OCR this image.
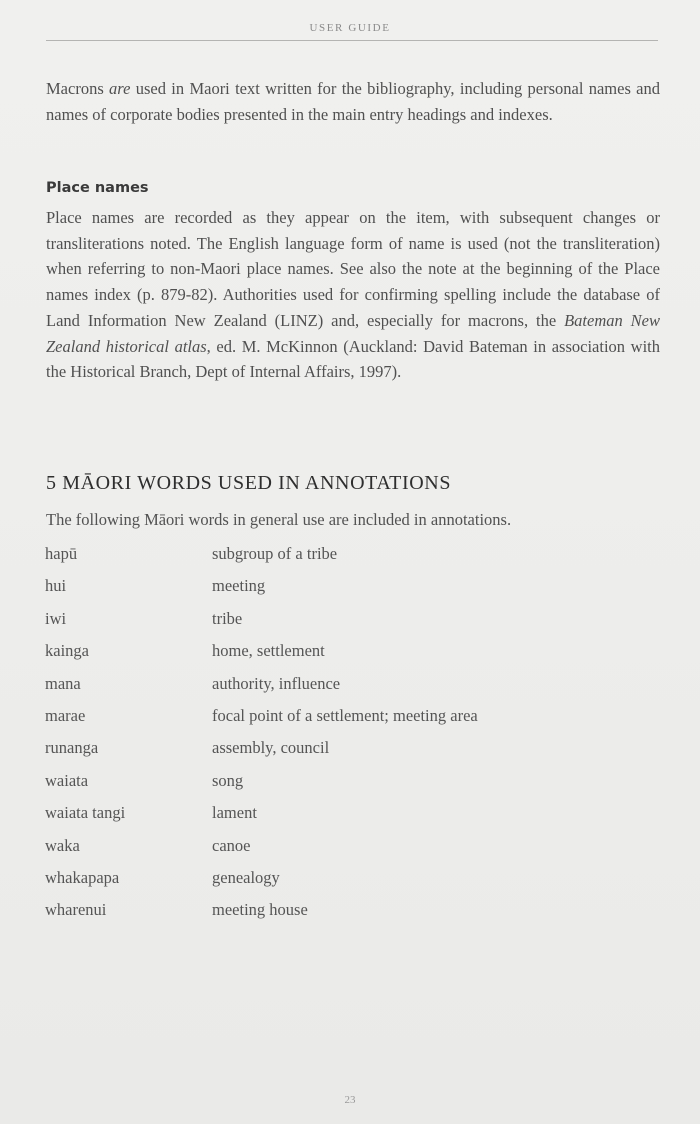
USER GUIDE

Macrons are used in Maori text written for the bibliography, including personal names and names of corporate bodies presented in the main entry headings and indexes.

Place names

Place names are recorded as they appear on the item, with subsequent changes or transliterations noted. The English language form of name is used (not the transliteration) when referring to non-Maori place names. See also the note at the beginning of the Place names index (p. 879-82). Authorities used for confirming spelling include the database of Land Information New Zealand (LINZ) and, especially for macrons, the Bateman New Zealand historical atlas, ed. M. McKinnon (Auckland: David Bateman in association with the Historical Branch, Dept of Internal Affairs, 1997).

5 MĀORI WORDS USED IN ANNOTATIONS

The following Māori words in general use are included in annotations.

hapū	subgroup of a tribe
hui	meeting
iwi	tribe
kainga	home, settlement
mana	authority, influence
marae	focal point of a settlement; meeting area
runanga	assembly, council
waiata	song
waiata tangi	lament
waka	canoe
whakapapa	genealogy
wharenui	meeting house
23
